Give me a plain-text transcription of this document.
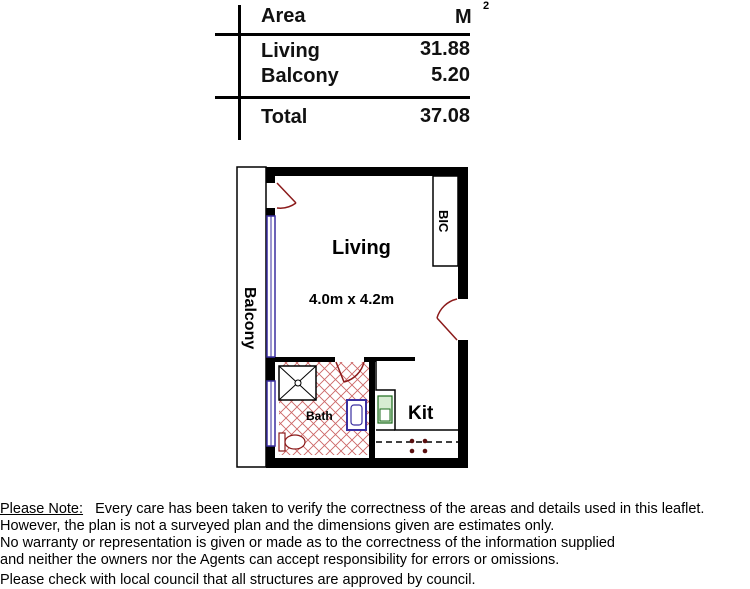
Area	M 2
Living	31.88
Balcony	5.20
Total	37.08
BIC
Bath	Kit
Living
4.0m x 4.2m
Balcony
Please Note: Every care has been taken to verify the correctness of the areas and details used in this leaflet.
However, the plan is not a surveyed plan and the dimensions given are estimates only.
No warranty or representation is given or made as to the correctness of the information supplied
and neither the owners nor the Agents can accept responsibility for errors or omissions.
Please check with local council that all structures are approved by council.
